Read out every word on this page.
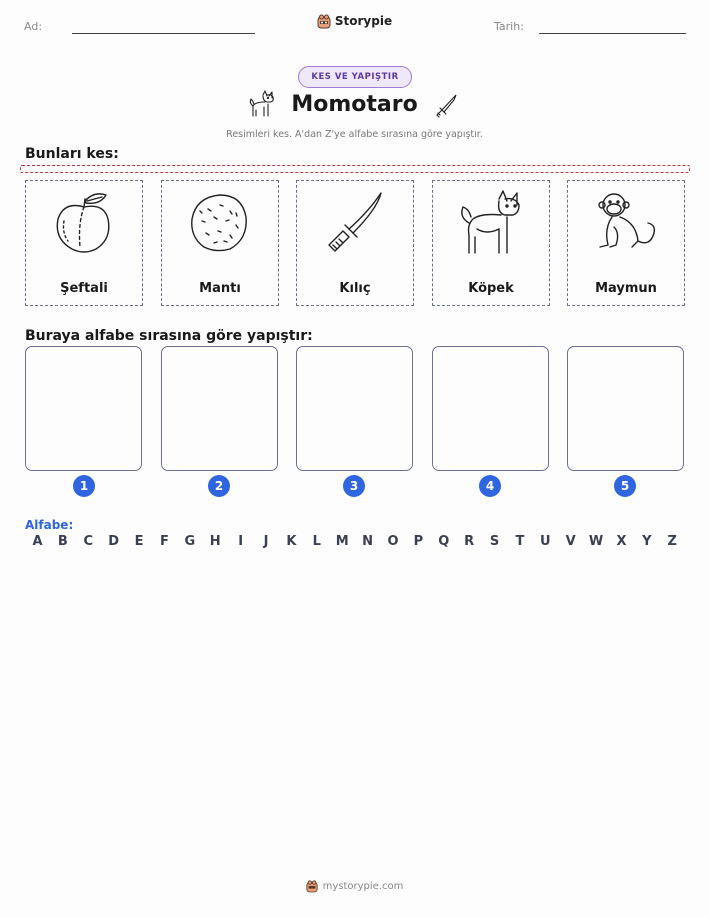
Ad:	Storypie	Tarih:
KES VE YAPIŞTIR
Momotaro
Resimleri kes. A'dan Z'ye alfabe sırasına göre yapıştır.
Bunları kes:
Şeftali	Mantı	Kılıç	Köpek	Maymun
Buraya alfabe sırasına göre yapıştır:
1	2	3	4	5
Alfabe:
A	B	C	D	E	F	G	H	I	J	K	L	M	N	O	P	Q	R	S	T	U	V	W	X	Y	Z
mystorypie.com
